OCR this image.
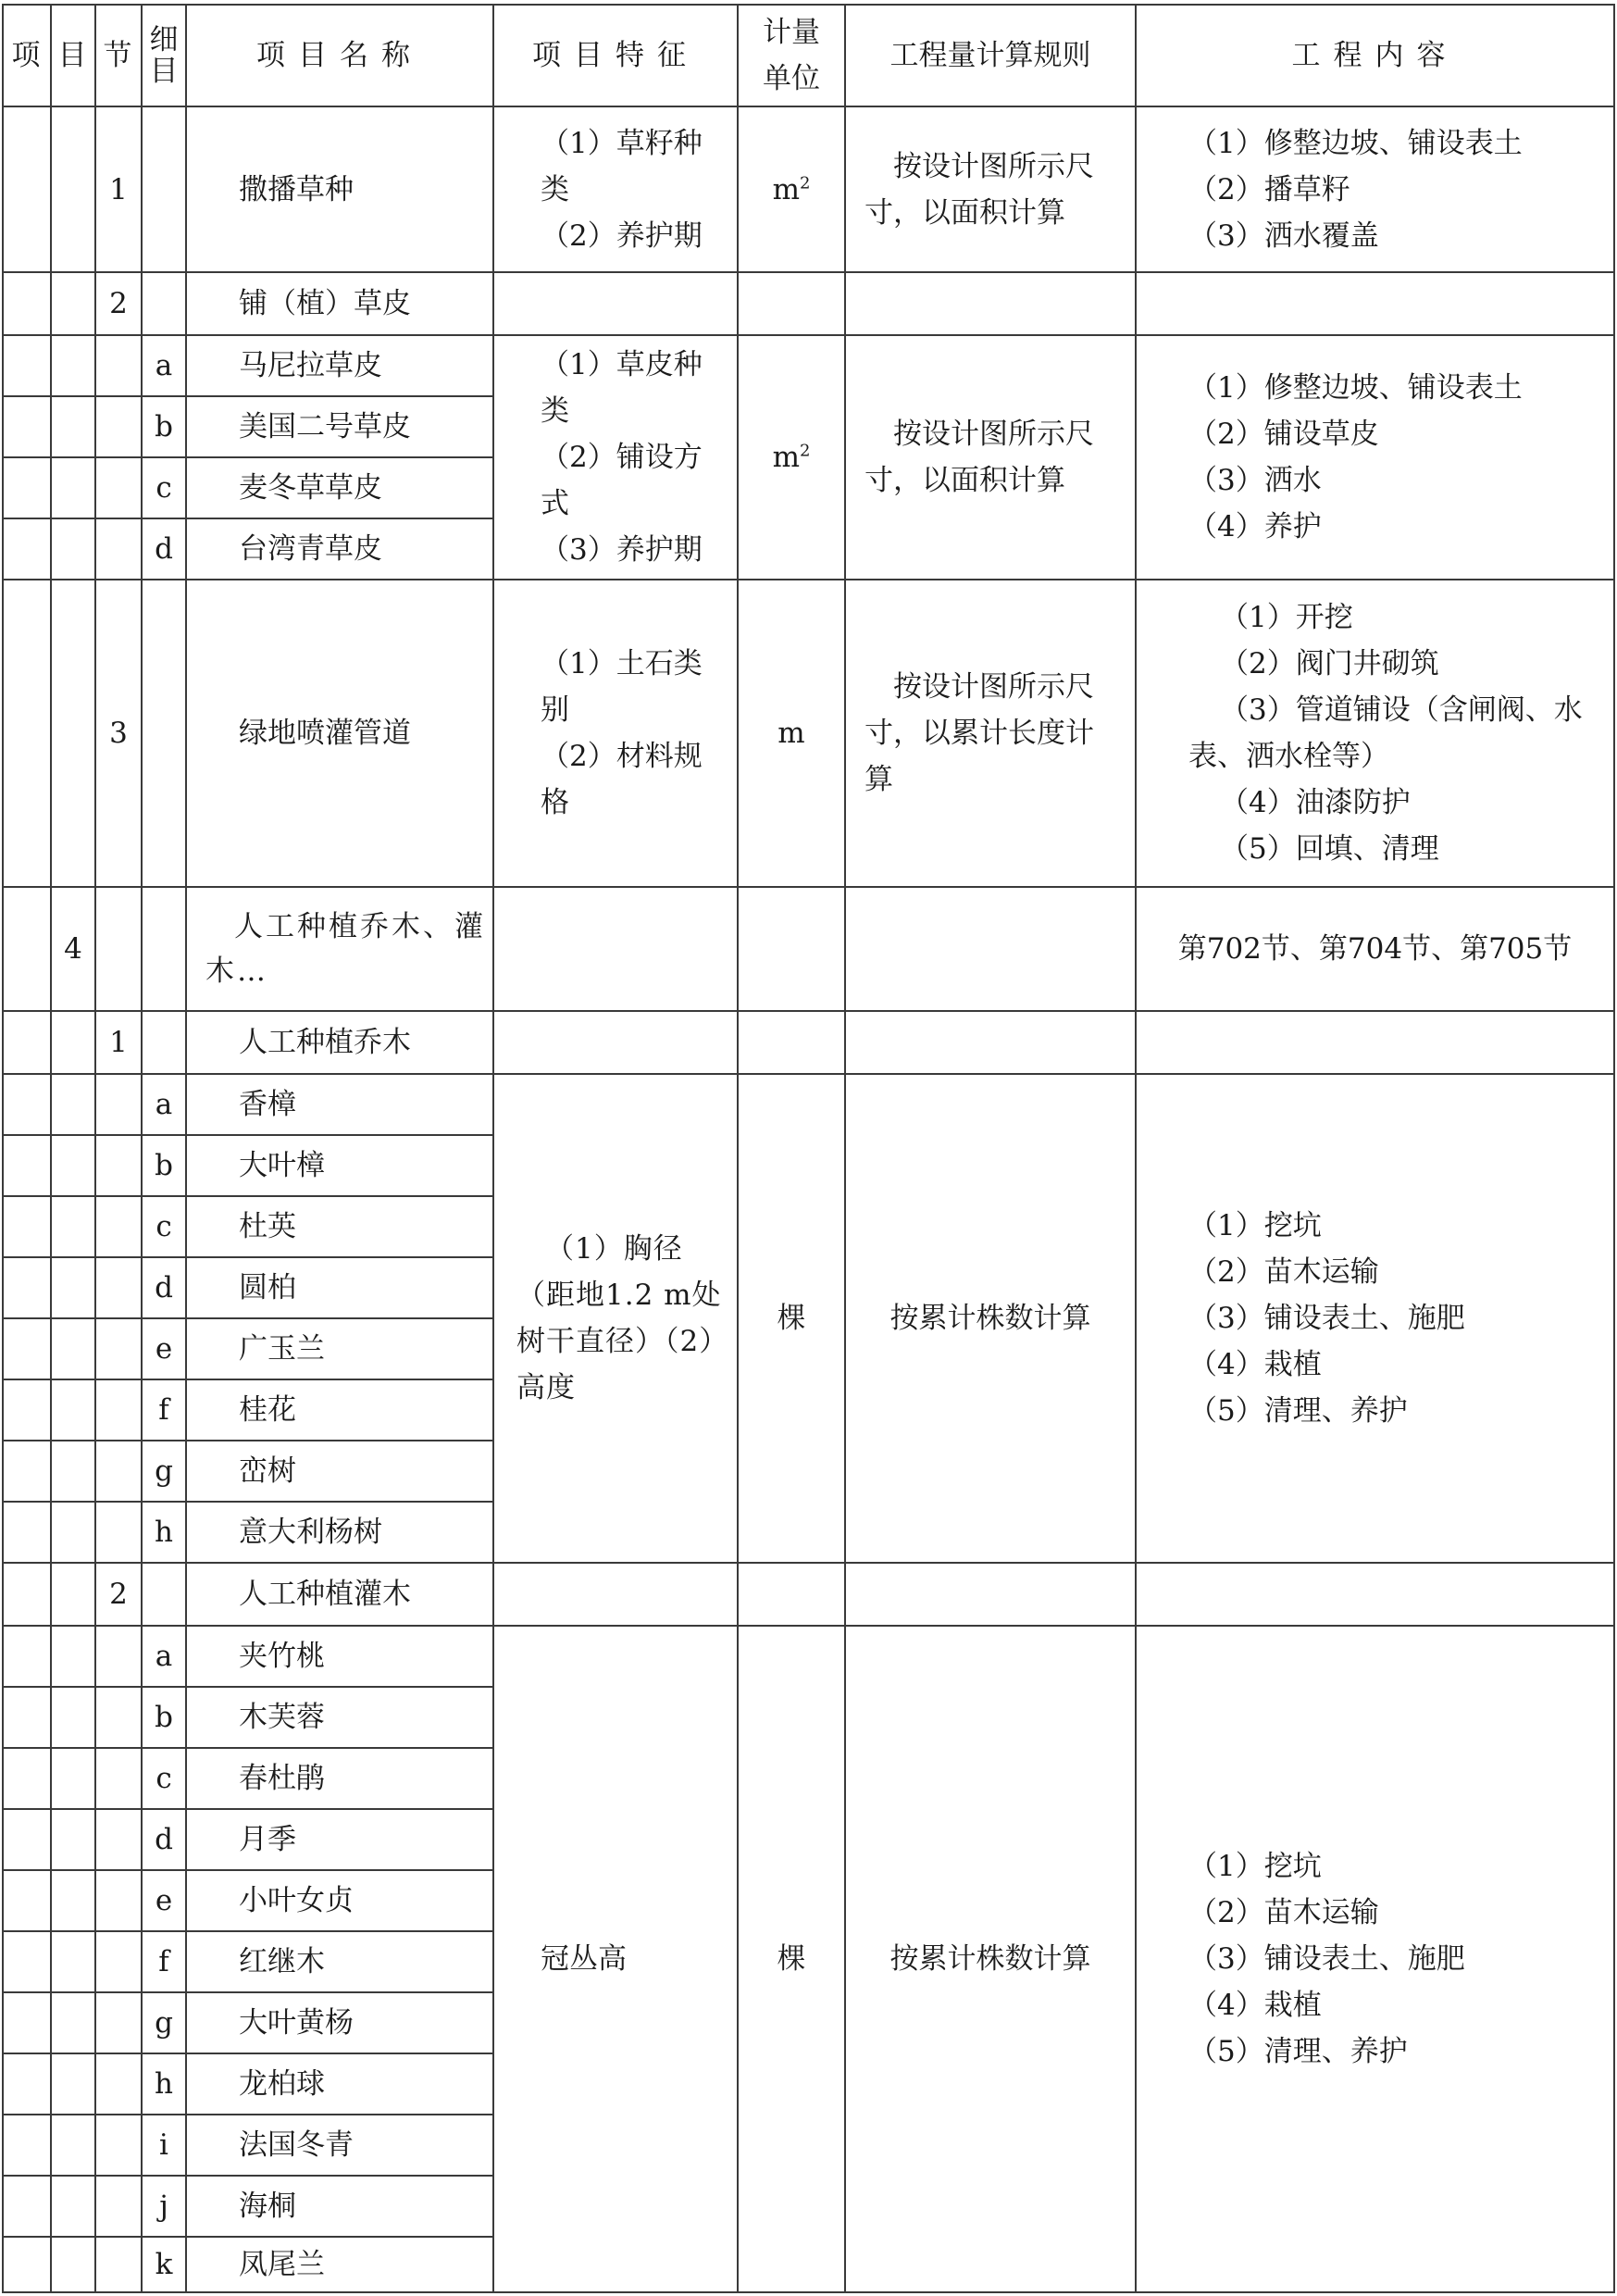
项	目	节	细目	项目名称	项目特征	计量单位	工程量计算规则	工程内容
		1		撒播草种	（1）草籽种类
（2）养护期	$m^2$	按设计图所示尺寸，以面积计算	（1）修整边坡、铺设表土
（2）播草籽
（3）洒水覆盖

		2		铺（植）草皮				
			a	马尼拉草皮	（1）草皮种类
（2）铺设方式
（3）养护期	$m^2$	按设计图所示尺寸，以面积计算	（1）修整边坡、铺设表土
（2）铺设草皮
（3）洒水
（4）养护

			b	美国二号草皮				
			c	麦冬草草皮				
			d	台湾青草皮				
		3		绿地喷灌管道	（1）土石类别
（2）材料规格	m	按设计图所示尺寸，以累计长度计算	（1）开挖
（2）阀门井砌筑
（3）管道铺设（含闸阀、水表、洒水栓等）
（4）油漆防护
（5）回填、清理

	4			人工种植乔木、灌木…				第702节、第704节、第705节
		1		人工种植乔木				
			a	香樟	（1）胸径（距地1.2 m处树干直径）（2）高度	棵	按累计株数计算	（1）挖坑
（2）苗木运输
（3）铺设表土、施肥
（4）栽植
（5）清理、养护

			b	大叶樟				
			c	杜英				
			d	圆柏				
			e	广玉兰				
			f	桂花				
			g	峦树				
			h	意大利杨树				
		2		人工种植灌木				
			a	夹竹桃	冠丛高	棵	按累计株数计算	（1）挖坑
（2）苗木运输
（3）铺设表土、施肥
（4）栽植
（5）清理、养护

			b	木芙蓉				
			c	春杜鹃				
			d	月季				
			e	小叶女贞				
			f	红继木				
			g	大叶黄杨				
			h	龙柏球				
			i	法国冬青				
			j	海桐				
			k	凤尾兰				
